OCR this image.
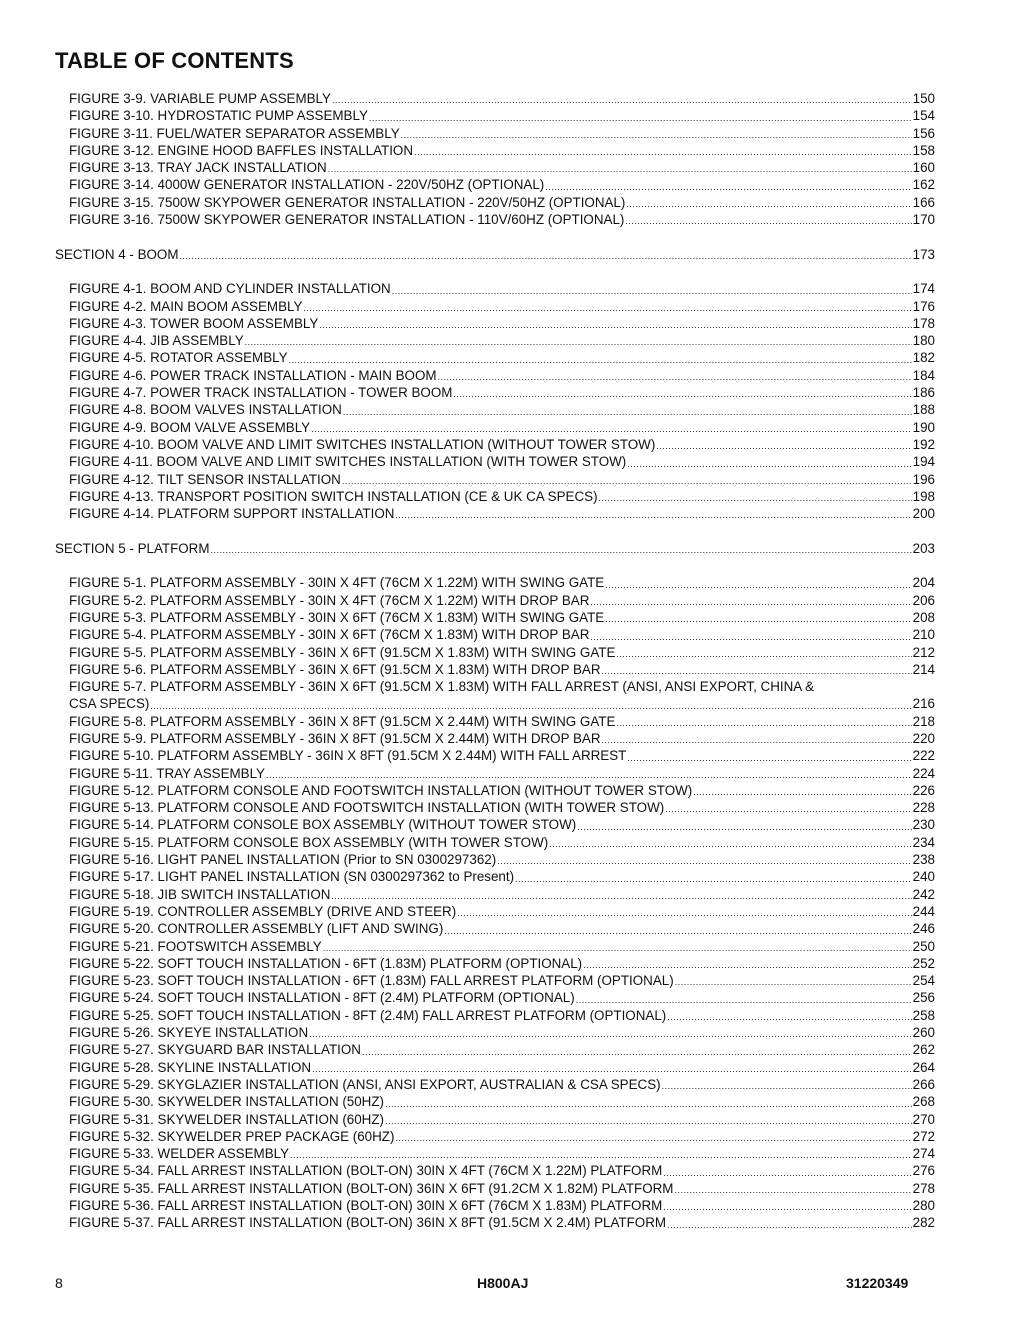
TABLE OF CONTENTS
FIGURE 3-9. VARIABLE PUMP ASSEMBLY .....	150
FIGURE 3-10. HYDROSTATIC PUMP ASSEMBLY .....	154
FIGURE 3-11. FUEL/WATER SEPARATOR ASSEMBLY .....	156
FIGURE 3-12. ENGINE HOOD BAFFLES INSTALLATION .....	158
FIGURE 3-13. TRAY JACK INSTALLATION .....	160
FIGURE 3-14. 4000W GENERATOR INSTALLATION - 220V/50HZ (OPTIONAL) .....	162
FIGURE 3-15. 7500W SKYPOWER GENERATOR INSTALLATION - 220V/50HZ (OPTIONAL) .....	166
FIGURE 3-16. 7500W SKYPOWER GENERATOR INSTALLATION - 110V/60HZ (OPTIONAL) .....	170
SECTION 4 - BOOM .....	173
FIGURE 4-1. BOOM AND CYLINDER INSTALLATION .....	174
FIGURE 4-2. MAIN BOOM ASSEMBLY .....	176
FIGURE 4-3. TOWER BOOM ASSEMBLY .....	178
FIGURE 4-4. JIB ASSEMBLY .....	180
FIGURE 4-5. ROTATOR ASSEMBLY .....	182
FIGURE 4-6. POWER TRACK INSTALLATION - MAIN BOOM .....	184
FIGURE 4-7. POWER TRACK INSTALLATION - TOWER BOOM .....	186
FIGURE 4-8. BOOM VALVES INSTALLATION .....	188
FIGURE 4-9. BOOM VALVE ASSEMBLY .....	190
FIGURE 4-10. BOOM VALVE AND LIMIT SWITCHES INSTALLATION (WITHOUT TOWER STOW) .....	192
FIGURE 4-11. BOOM VALVE AND LIMIT SWITCHES INSTALLATION (WITH TOWER STOW) .....	194
FIGURE 4-12. TILT SENSOR INSTALLATION .....	196
FIGURE 4-13. TRANSPORT POSITION SWITCH INSTALLATION (CE & UK CA SPECS) .....	198
FIGURE 4-14. PLATFORM SUPPORT INSTALLATION .....	200
SECTION 5 - PLATFORM .....	203
FIGURE 5-1. PLATFORM ASSEMBLY - 30IN X 4FT (76CM X 1.22M) WITH SWING GATE .....	204
FIGURE 5-2. PLATFORM ASSEMBLY - 30IN X 4FT (76CM X 1.22M) WITH DROP BAR .....	206
FIGURE 5-3. PLATFORM ASSEMBLY - 30IN X 6FT (76CM X 1.83M) WITH SWING GATE .....	208
FIGURE 5-4. PLATFORM ASSEMBLY - 30IN X 6FT (76CM X 1.83M) WITH DROP BAR .....	210
FIGURE 5-5. PLATFORM ASSEMBLY - 36IN X 6FT (91.5CM X 1.83M) WITH SWING GATE .....	212
FIGURE 5-6. PLATFORM ASSEMBLY - 36IN X 6FT (91.5CM X 1.83M) WITH DROP BAR .....	214
FIGURE 5-7. PLATFORM ASSEMBLY - 36IN X 6FT (91.5CM X 1.83M) WITH FALL ARREST (ANSI, ANSI EXPORT, CHINA &
CSA SPECS) .....	216
FIGURE 5-8. PLATFORM ASSEMBLY - 36IN X 8FT (91.5CM X 2.44M) WITH SWING GATE .....	218
FIGURE 5-9. PLATFORM ASSEMBLY - 36IN X 8FT (91.5CM X 2.44M) WITH DROP BAR .....	220
FIGURE 5-10. PLATFORM ASSEMBLY - 36IN X 8FT (91.5CM X 2.44M) WITH FALL ARREST .....	222
FIGURE 5-11. TRAY ASSEMBLY .....	224
FIGURE 5-12. PLATFORM CONSOLE AND FOOTSWITCH INSTALLATION (WITHOUT TOWER STOW) .....	226
FIGURE 5-13. PLATFORM CONSOLE AND FOOTSWITCH INSTALLATION (WITH TOWER STOW) .....	228
FIGURE 5-14. PLATFORM CONSOLE BOX ASSEMBLY (WITHOUT TOWER STOW) .....	230
FIGURE 5-15. PLATFORM CONSOLE BOX ASSEMBLY (WITH TOWER STOW) .....	234
FIGURE 5-16. LIGHT PANEL INSTALLATION (Prior to SN 0300297362) .....	238
FIGURE 5-17. LIGHT PANEL INSTALLATION (SN 0300297362 to Present) .....	240
FIGURE 5-18. JIB SWITCH INSTALLATION .....	242
FIGURE 5-19. CONTROLLER ASSEMBLY (DRIVE AND STEER) .....	244
FIGURE 5-20. CONTROLLER ASSEMBLY (LIFT AND SWING) .....	246
FIGURE 5-21. FOOTSWITCH ASSEMBLY .....	250
FIGURE 5-22. SOFT TOUCH INSTALLATION - 6FT (1.83M) PLATFORM (OPTIONAL) .....	252
FIGURE 5-23. SOFT TOUCH INSTALLATION - 6FT (1.83M) FALL ARREST PLATFORM (OPTIONAL) .....	254
FIGURE 5-24. SOFT TOUCH INSTALLATION - 8FT (2.4M) PLATFORM (OPTIONAL) .....	256
FIGURE 5-25. SOFT TOUCH INSTALLATION - 8FT (2.4M) FALL ARREST PLATFORM (OPTIONAL) .....	258
FIGURE 5-26. SKYEYE INSTALLATION .....	260
FIGURE 5-27. SKYGUARD BAR INSTALLATION .....	262
FIGURE 5-28. SKYLINE INSTALLATION .....	264
FIGURE 5-29. SKYGLAZIER INSTALLATION (ANSI, ANSI EXPORT, AUSTRALIAN & CSA SPECS) .....	266
FIGURE 5-30. SKYWELDER INSTALLATION (50HZ) .....	268
FIGURE 5-31. SKYWELDER INSTALLATION (60HZ) .....	270
FIGURE 5-32. SKYWELDER PREP PACKAGE (60HZ) .....	272
FIGURE 5-33. WELDER ASSEMBLY .....	274
FIGURE 5-34. FALL ARREST INSTALLATION (BOLT-ON) 30IN X 4FT (76CM X 1.22M) PLATFORM .....	276
FIGURE 5-35. FALL ARREST INSTALLATION (BOLT-ON) 36IN X 6FT (91.2CM X 1.82M) PLATFORM .....	278
FIGURE 5-36. FALL ARREST INSTALLATION (BOLT-ON) 30IN X 6FT (76CM X 1.83M) PLATFORM .....	280
FIGURE 5-37. FALL ARREST INSTALLATION (BOLT-ON) 36IN X 8FT (91.5CM X 2.4M) PLATFORM .....	282
8	H800AJ	31220349
